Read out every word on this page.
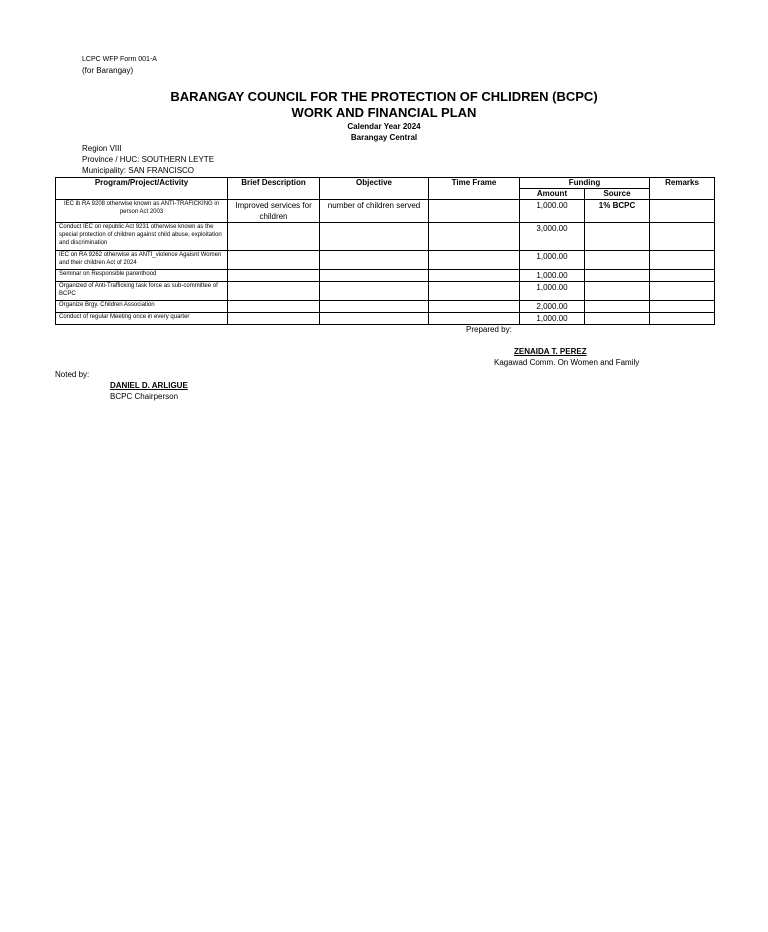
LCPC WFP Form 001-A
(for Barangay)
BARANGAY COUNCIL FOR THE PROTECTION OF CHLIDREN (BCPC)
WORK AND FINANCIAL PLAN
Calendar Year 2024
Barangay Central
Region VIII
Province / HUC: SOUTHERN LEYTE
Municipality: SAN FRANCISCO
Program/Project/Activity	Brief Description	Objective	Time Frame	Funding		Remarks
				Amount	Source	
IEC ib RA 9208 otherwise known as ANTI-TRAFICKING in person Act 2003	Improved services for children	number of children served		1,000.00	1% BCPC	
Conduct IEC on republic Act 9231 otherwise known as the special protection of children against child abuse, exploitation and discrimination				3,000.00		
IEC on RA 9262 otherwise as ANTI_violence Agaisnt Women and their children Act of 2024				1,000.00		
Seminar on Responsible parenthood				1,000.00		
Organized of Anti-Trafficking task force as sub-committee of BCPC				1,000.00		
Organize Brgy. Children Association				2,000.00		
Conduct of regular Meeting once in every quarter				1,000.00		
Prepared by:
ZENAIDA T. PEREZ
Kagawad Comm. On Women and Family
Noted by:
DANIEL D. ARLIGUE
BCPC Chairperson
